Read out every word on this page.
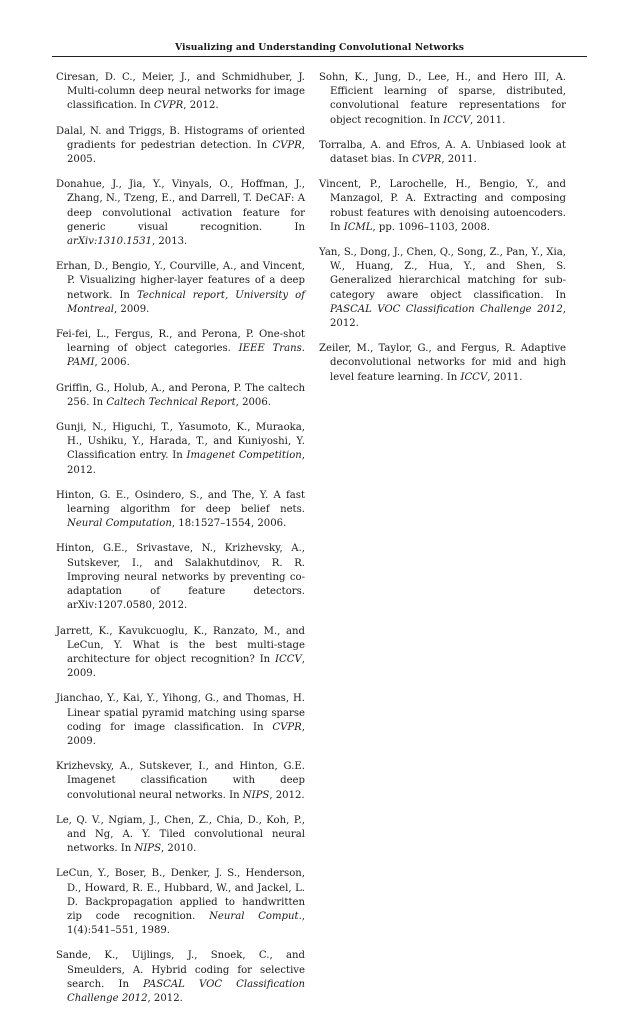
Visualizing and Understanding Convolutional Networks
Ciresan, D. C., Meier, J., and Schmidhuber, J. Multi-column deep neural networks for image classification. In CVPR, 2012.
Dalal, N. and Triggs, B. Histograms of oriented gradients for pedestrian detection. In CVPR, 2005.
Donahue, J., Jia, Y., Vinyals, O., Hoffman, J., Zhang, N., Tzeng, E., and Darrell, T. DeCAF: A deep convolutional activation feature for generic visual recognition. In arXiv:1310.1531, 2013.
Erhan, D., Bengio, Y., Courville, A., and Vincent, P. Visualizing higher-layer features of a deep network. In Technical report, University of Montreal, 2009.
Fei-fei, L., Fergus, R., and Perona, P. One-shot learning of object categories. IEEE Trans. PAMI, 2006.
Griffin, G., Holub, A., and Perona, P. The caltech 256. In Caltech Technical Report, 2006.
Gunji, N., Higuchi, T., Yasumoto, K., Muraoka, H., Ushiku, Y., Harada, T., and Kuniyoshi, Y. Classification entry. In Imagenet Competition, 2012.
Hinton, G. E., Osindero, S., and The, Y. A fast learning algorithm for deep belief nets. Neural Computation, 18:1527–1554, 2006.
Hinton, G.E., Srivastave, N., Krizhevsky, A., Sutskever, I., and Salakhutdinov, R. R. Improving neural networks by preventing co-adaptation of feature detectors. arXiv:1207.0580, 2012.
Jarrett, K., Kavukcuoglu, K., Ranzato, M., and LeCun, Y. What is the best multi-stage architecture for object recognition? In ICCV, 2009.
Jianchao, Y., Kai, Y., Yihong, G., and Thomas, H. Linear spatial pyramid matching using sparse coding for image classification. In CVPR, 2009.
Krizhevsky, A., Sutskever, I., and Hinton, G.E. Imagenet classification with deep convolutional neural networks. In NIPS, 2012.
Le, Q. V., Ngiam, J., Chen, Z., Chia, D., Koh, P., and Ng, A. Y. Tiled convolutional neural networks. In NIPS, 2010.
LeCun, Y., Boser, B., Denker, J. S., Henderson, D., Howard, R. E., Hubbard, W., and Jackel, L. D. Backpropagation applied to handwritten zip code recognition. Neural Comput., 1(4):541–551, 1989.
Sande, K., Uijlings, J., Snoek, C., and Smeulders, A. Hybrid coding for selective search. In PASCAL VOC Classification Challenge 2012, 2012.
Sohn, K., Jung, D., Lee, H., and Hero III, A. Efficient learning of sparse, distributed, convolutional feature representations for object recognition. In ICCV, 2011.
Torralba, A. and Efros, A. A. Unbiased look at dataset bias. In CVPR, 2011.
Vincent, P., Larochelle, H., Bengio, Y., and Manzagol, P. A. Extracting and composing robust features with denoising autoencoders. In ICML, pp. 1096–1103, 2008.
Yan, S., Dong, J., Chen, Q., Song, Z., Pan, Y., Xia, W., Huang, Z., Hua, Y., and Shen, S. Generalized hierarchical matching for sub-category aware object classification. In PASCAL VOC Classification Challenge 2012, 2012.
Zeiler, M., Taylor, G., and Fergus, R. Adaptive deconvolutional networks for mid and high level feature learning. In ICCV, 2011.
